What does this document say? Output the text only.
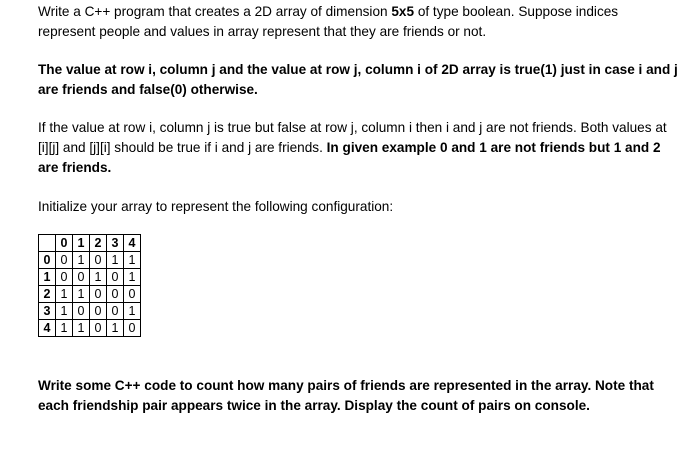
Write a C++ program that creates a 2D array of dimension 5x5 of type boolean. Suppose indices represent people and values in array represent that they are friends or not.

The value at row i, column j and the value at row j, column i of 2D array is true(1) just in case i and j are friends and false(0) otherwise.

If the value at row i, column j is true but false at row j, column i then i and j are not friends. Both values at [i][j] and [j][i] should be true if i and j are friends. In given example 0 and 1 are not friends but 1 and 2 are friends.

Initialize your array to represent the following configuration:

	0	1	2	3	4
0	0	1	0	1	1
1	0	0	1	0	1
2	1	1	0	0	0
3	1	0	0	0	1
4	1	1	0	1	0

Write some C++ code to count how many pairs of friends are represented in the array. Note that each friendship pair appears twice in the array. Display the count of pairs on console.
